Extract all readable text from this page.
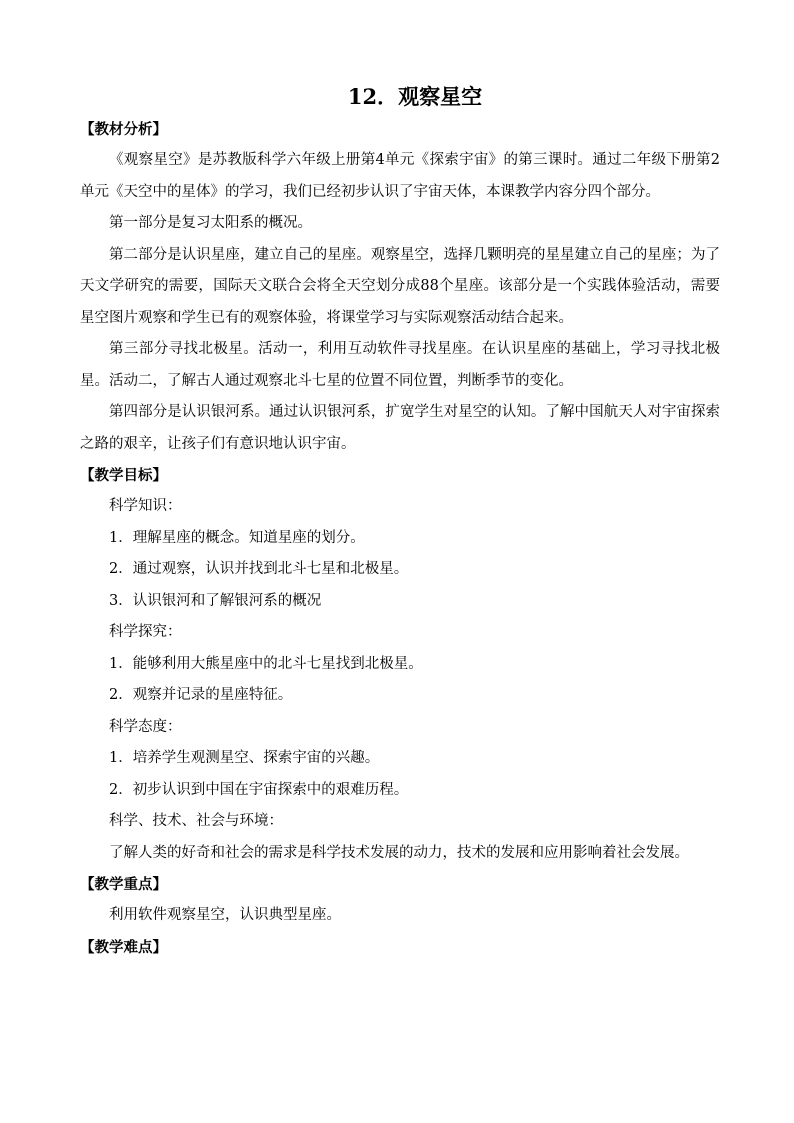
12．观察星空

【教材分析】

《观察星空》是苏教版科学六年级上册第4单元《探索宇宙》的第三课时。通过二年级下册第2单元《天空中的星体》的学习，我们已经初步认识了宇宙天体，本课教学内容分四个部分。

第一部分是复习太阳系的概况。

第二部分是认识星座，建立自己的星座。观察星空，选择几颗明亮的星星建立自己的星座；为了天文学研究的需要，国际天文联合会将全天空划分成88个星座。该部分是一个实践体验活动，需要星空图片观察和学生已有的观察体验，将课堂学习与实际观察活动结合起来。

第三部分寻找北极星。活动一，利用互动软件寻找星座。在认识星座的基础上，学习寻找北极星。活动二，了解古人通过观察北斗七星的位置不同位置，判断季节的变化。

第四部分是认识银河系。通过认识银河系，扩宽学生对星空的认知。了解中国航天人对宇宙探索之路的艰辛，让孩子们有意识地认识宇宙。

【教学目标】

科学知识：

1．理解星座的概念。知道星座的划分。

2．通过观察，认识并找到北斗七星和北极星。

3．认识银河和了解银河系的概况

科学探究：

1．能够利用大熊星座中的北斗七星找到北极星。

2．观察并记录的星座特征。

科学态度：

1．培养学生观测星空、探索宇宙的兴趣。

2．初步认识到中国在宇宙探索中的艰难历程。

科学、技术、社会与环境：

了解人类的好奇和社会的需求是科学技术发展的动力，技术的发展和应用影响着社会发展。

【教学重点】

利用软件观察星空，认识典型星座。

【教学难点】
